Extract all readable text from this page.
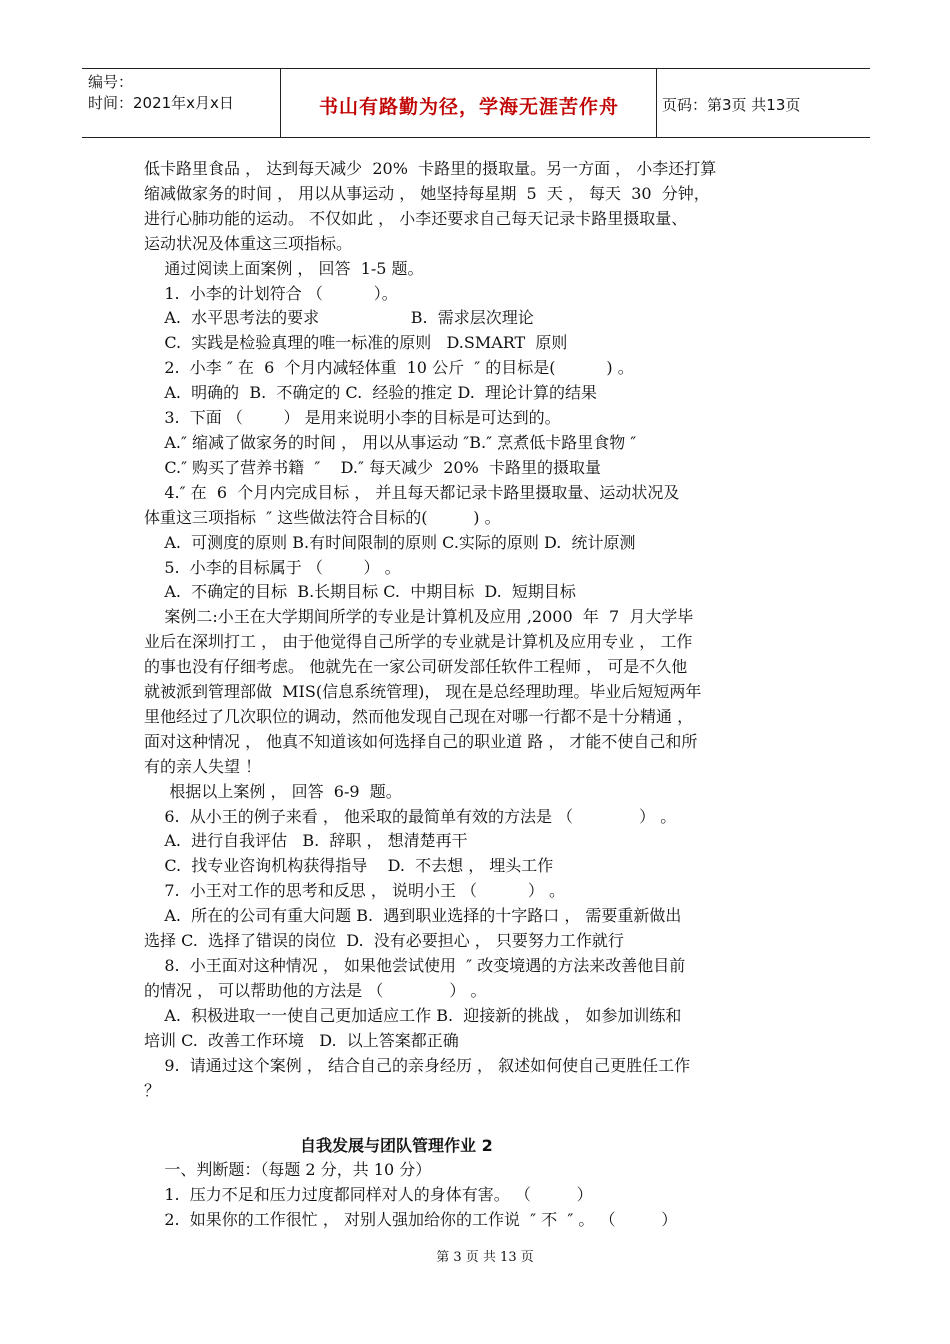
编号：
时间：2021年x月x日	书山有路勤为径，学海无涯苦作舟	页码：第3页 共13页
低卡路里食品 ， 达到每天减少  20%  卡路里的摄取量。另一方面 ， 小李还打算
缩减做家务的时间 ， 用以从事运动 ， 她坚持每星期  5  天 ， 每天  30  分钟，
进行心肺功能的运动。 不仅如此 ， 小李还要求自己每天记录卡路里摄取量、
运动状况及体重这三项指标。
通过阅读上面案例 ， 回答  1-5 题。
1.  小李的计划符合 （          ）。
A.  水平思考法的要求                  B.  需求层次理论
C.  实践是检验真理的唯一标准的原则   D.SMART  原则
2.  小李 ″ 在  6  个月内减轻体重  10 公斤  ″ 的目标是(          ) 。
A.  明确的  B.  不确定的 C.  经验的推定 D.  理论计算的结果
3.  下面 （        ） 是用来说明小李的目标是可达到的。
A.″ 缩减了做家务的时间 ， 用以从事运动 ″B.″ 烹煮低卡路里食物 ″
C.″ 购买了营养书籍  ″    D.″ 每天减少  20%  卡路里的摄取量
4.″ 在  6  个月内完成目标 ， 并且每天都记录卡路里摄取量、运动状况及
体重这三项指标  ″ 这些做法符合目标的(         ) 。
A.  可测度的原则 B.有时间限制的原则 C.实际的原则 D.  统计原测
5.  小李的目标属于 （        ） 。
A.  不确定的目标  B.长期目标 C.  中期目标  D.  短期目标
案例二:小王在大学期间所学的专业是计算机及应用 ,2000  年  7  月大学毕
业后在深圳打工 ， 由于他觉得自己所学的专业就是计算机及应用专业 ， 工作
的事也没有仔细考虑。 他就先在一家公司研发部任软件工程师 ， 可是不久他
就被派到管理部做  MIS(信息系统管理)， 现在是总经理助理。毕业后短短两年
里他经过了几次职位的调动，然而他发现自己现在对哪一行都不是十分精通 ，
面对这种情况 ， 他真不知道该如何选择自己的职业道 路 ， 才能不使自己和所
有的亲人失望 ！
根据以上案例 ， 回答  6-9  题。
6.  从小王的例子来看 ， 他采取的最简单有效的方法是 （             ） 。
A.  进行自我评估   B.  辞职 ， 想清楚再干
C.  找专业咨询机构获得指导    D.  不去想 ， 埋头工作
7.  小王对工作的思考和反思 ， 说明小王 （          ） 。
A.  所在的公司有重大问题 B.  遇到职业选择的十字路口 ， 需要重新做出
选择 C.  选择了错误的岗位  D.  没有必要担心 ， 只要努力工作就行
8.  小王面对这种情况 ， 如果他尝试使用  ″ 改变境遇的方法来改善他目前
的情况 ， 可以帮助他的方法是 （             ） 。
A.  积极进取一一使自己更加适应工作 B.  迎接新的挑战 ， 如参加训练和
培训 C.  改善工作环境   D.  以上答案都正确
9.  请通过这个案例 ， 结合自己的亲身经历 ， 叙述如何使自己更胜任工作
？
自我发展与团队管理作业 2
一、判断题：（每题 2 分，共 10 分）
1.  压力不足和压力过度都同样对人的身体有害。 （         ）
2.  如果你的工作很忙 ， 对别人强加给你的工作说  ″ 不  ″ 。 （         ）
第 3 页 共 13 页
